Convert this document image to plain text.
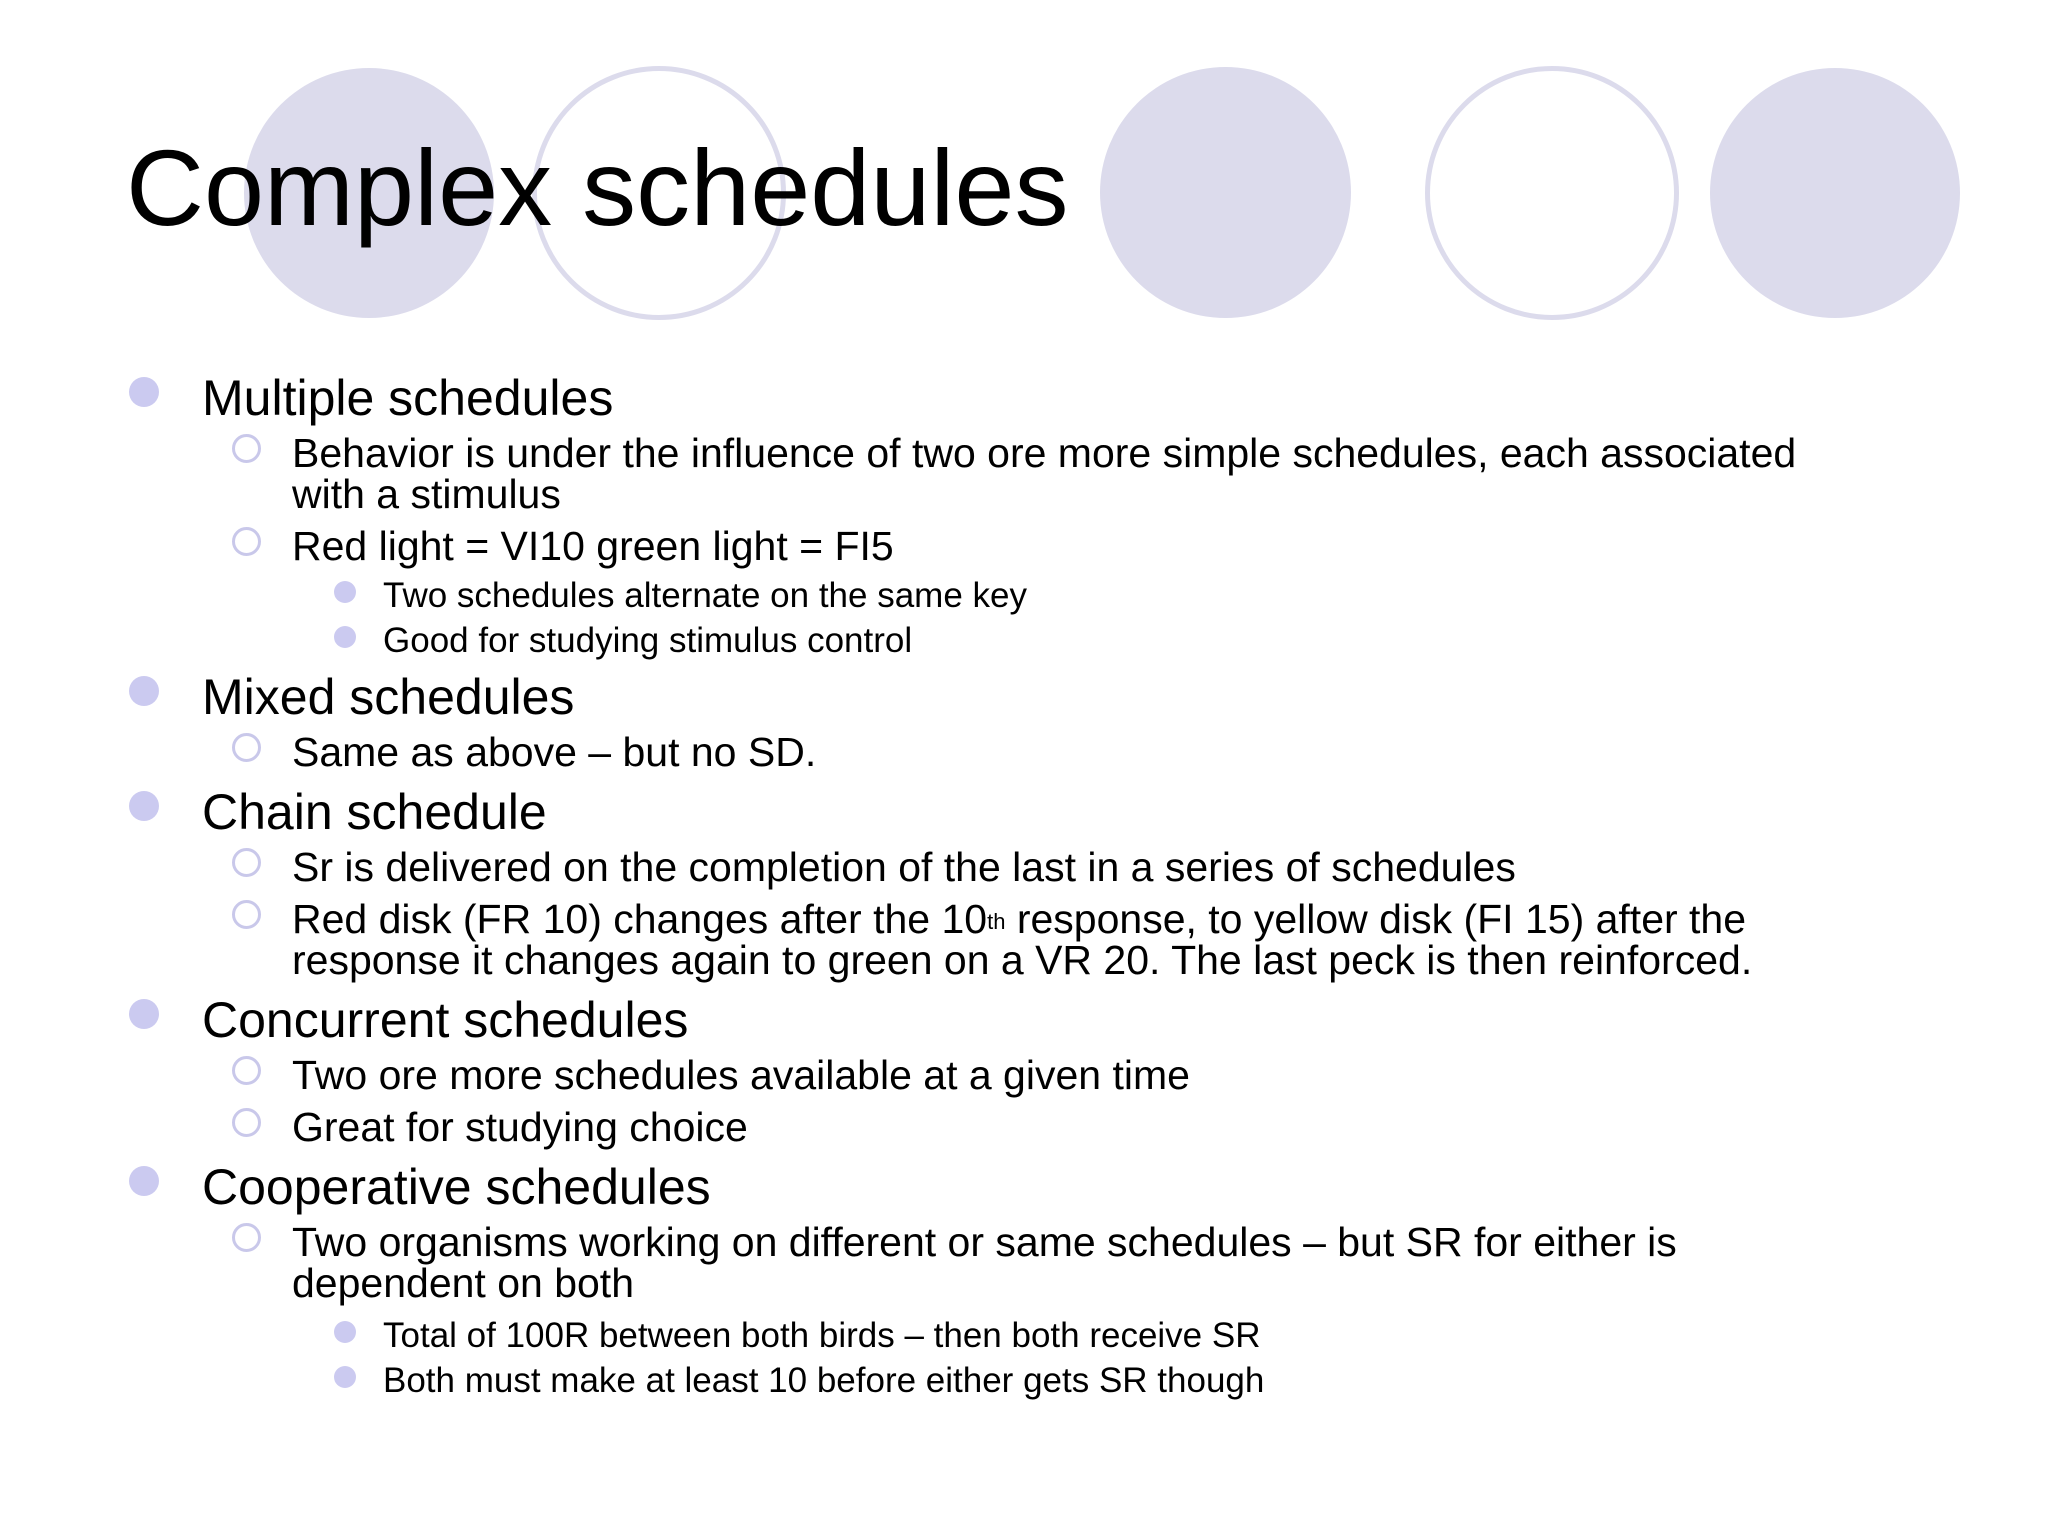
Complex schedules
Multiple schedules
Behavior is under the influence of two ore more simple schedules, each associated
with a stimulus
Red light = VI10 green light = FI5
Two schedules alternate on the same key
Good for studying stimulus control
Mixed schedules
Same as above – but no SD.
Chain schedule
Sr is delivered on the completion of the last in a series of schedules
Red disk (FR 10) changes after the 10th response, to yellow disk (FI 15) after the
response it changes again to green on a VR 20. The last peck is then reinforced.
Concurrent schedules
Two ore more schedules available at a given time
Great for studying choice
Cooperative schedules
Two organisms working on different or same schedules – but SR for either is
dependent on both
Total of 100R between both birds – then both receive SR
Both must make at least 10 before either gets SR though
